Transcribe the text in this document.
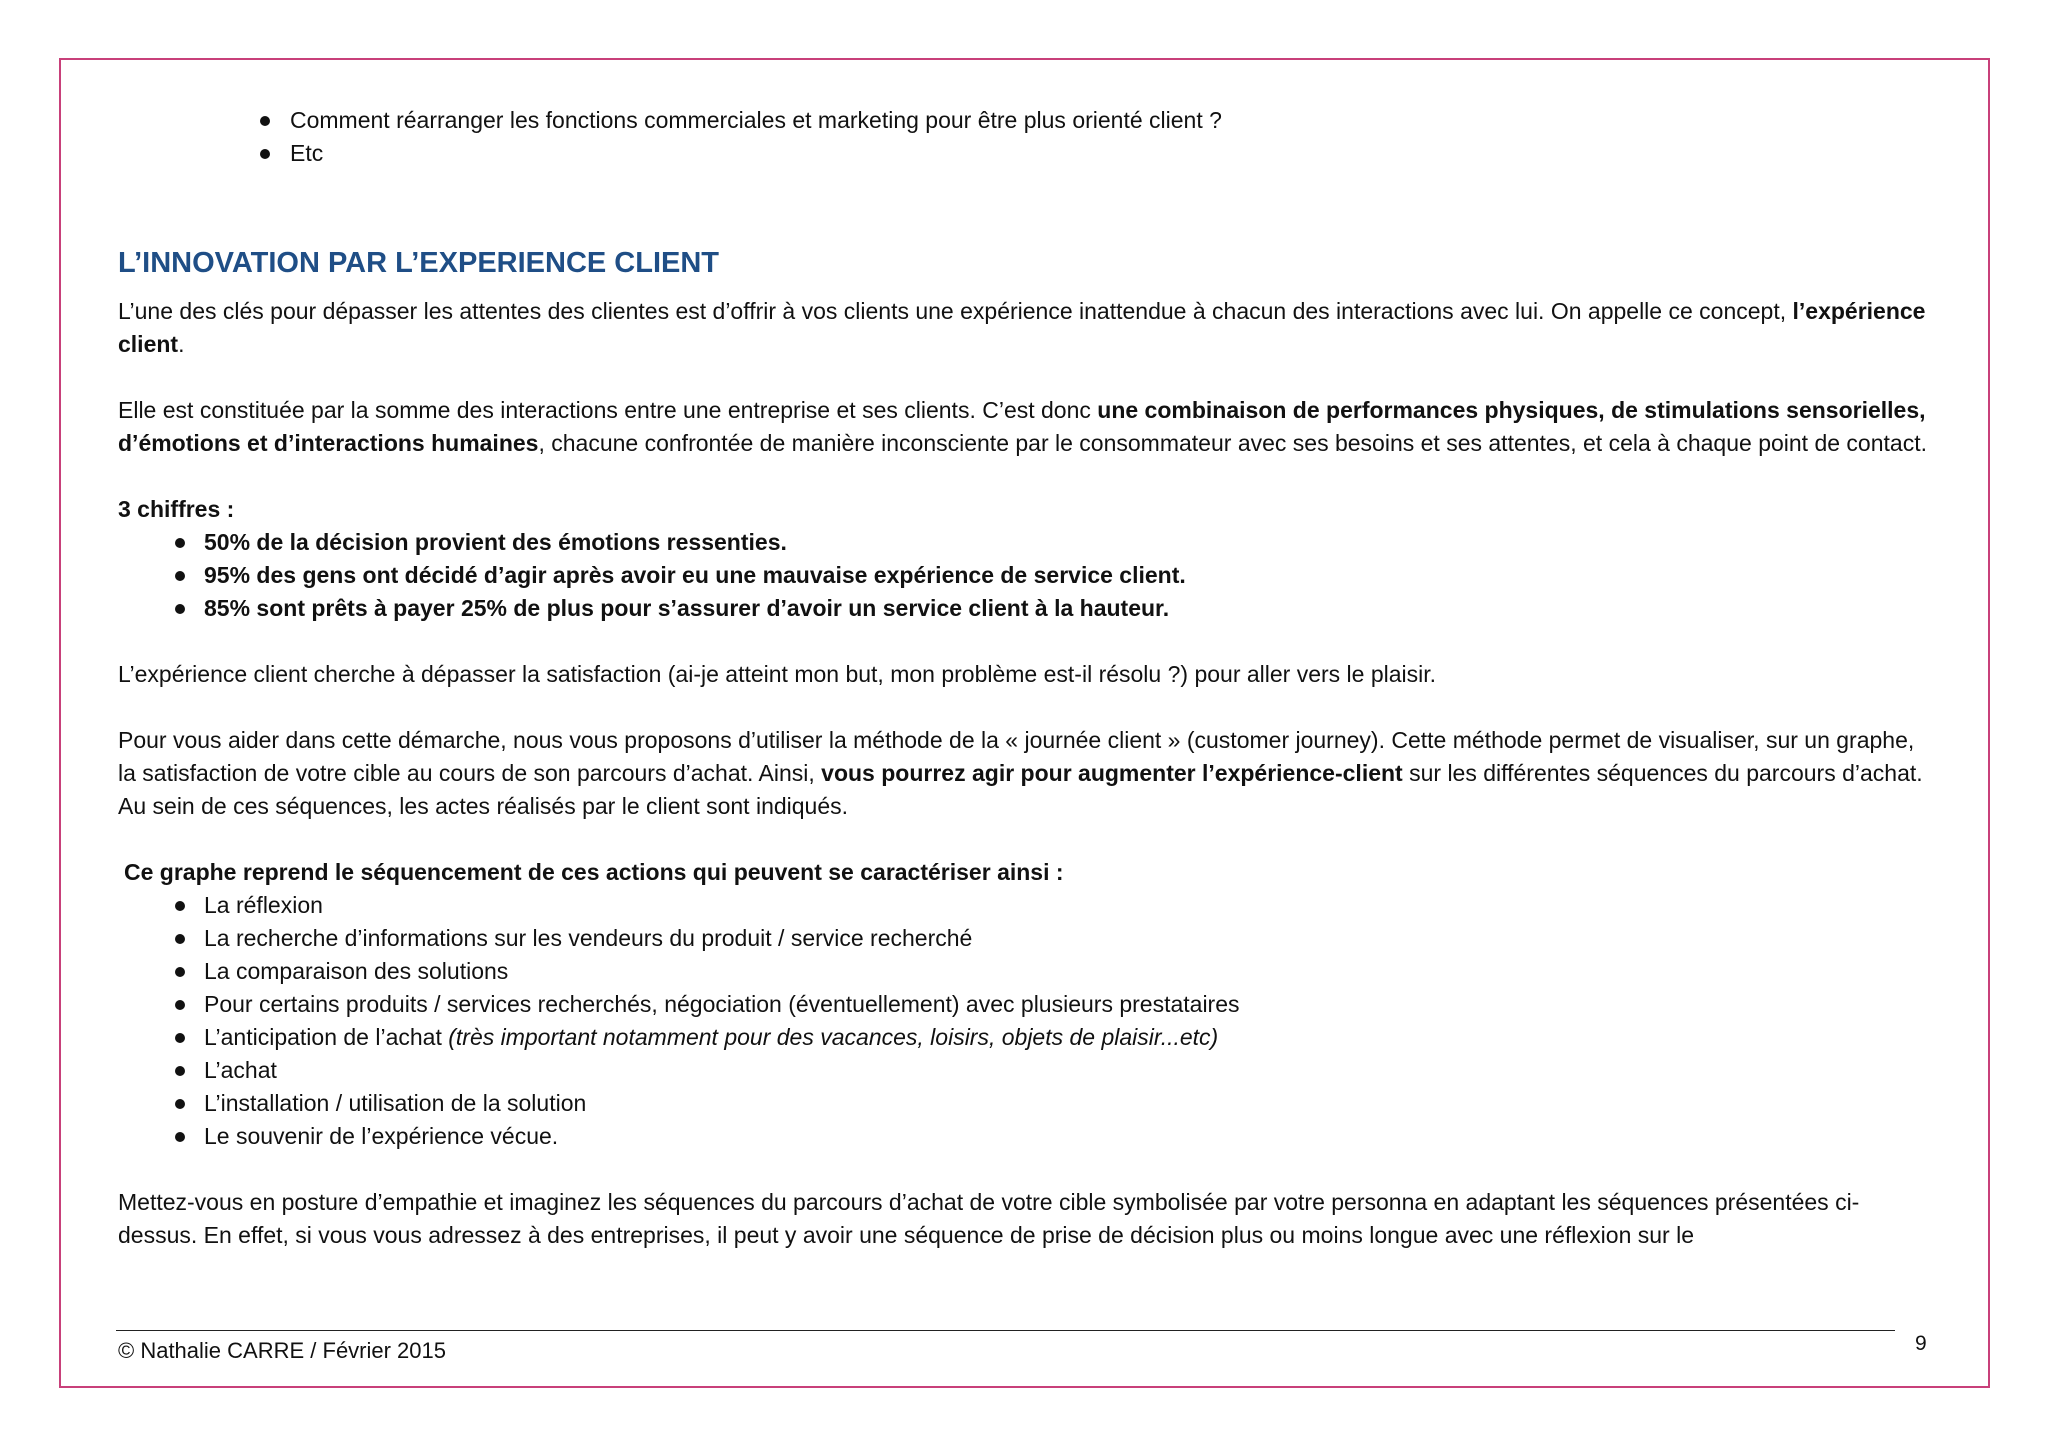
Comment réarranger les fonctions commerciales et marketing pour être plus orienté client ?
Etc
L’INNOVATION PAR L’EXPERIENCE CLIENT

L’une des clés pour dépasser les attentes des clientes est d’offrir à vos clients une expérience inattendue à chacun des interactions avec lui. On appelle ce concept, l’expérience client.

Elle est constituée par la somme des interactions entre une entreprise et ses clients. C’est donc une combinaison de performances physiques, de stimulations sensorielles, d’émotions et d’interactions humaines, chacune confrontée de manière inconsciente par le consommateur avec ses besoins et ses attentes, et cela à chaque point de contact.

3 chiffres :

50% de la décision provient des émotions ressenties.
95% des gens ont décidé d’agir après avoir eu une mauvaise expérience de service client.
85% sont prêts à payer 25% de plus pour s’assurer d’avoir un service client à la hauteur.

L’expérience client cherche à dépasser la satisfaction (ai-je atteint mon but, mon problème est-il résolu ?) pour aller vers le plaisir.

Pour vous aider dans cette démarche, nous vous proposons d’utiliser la méthode de la « journée client » (customer journey). Cette méthode permet de visualiser, sur un graphe, la satisfaction de votre cible au cours de son parcours d’achat. Ainsi, vous pourrez agir pour augmenter l’expérience-client sur les différentes séquences du parcours d’achat. Au sein de ces séquences, les actes réalisés par le client sont indiqués.

Ce graphe reprend le séquencement de ces actions qui peuvent se caractériser ainsi :

La réflexion
La recherche d’informations sur les vendeurs du produit / service recherché
La comparaison des solutions
Pour certains produits / services recherchés, négociation (éventuellement) avec plusieurs prestataires
L’anticipation de l’achat (très important notamment pour des vacances, loisirs, objets de plaisir...etc)
L’achat
L’installation / utilisation de la solution
Le souvenir de l’expérience vécue.

Mettez-vous en posture d’empathie et imaginez les séquences du parcours d’achat de votre cible symbolisée par votre personna en adaptant les séquences présentées ci-dessus. En effet, si vous vous adressez à des entreprises, il peut y avoir une séquence de prise de décision plus ou moins longue avec une réflexion sur le

© Nathalie CARRE / Février 2015	9
